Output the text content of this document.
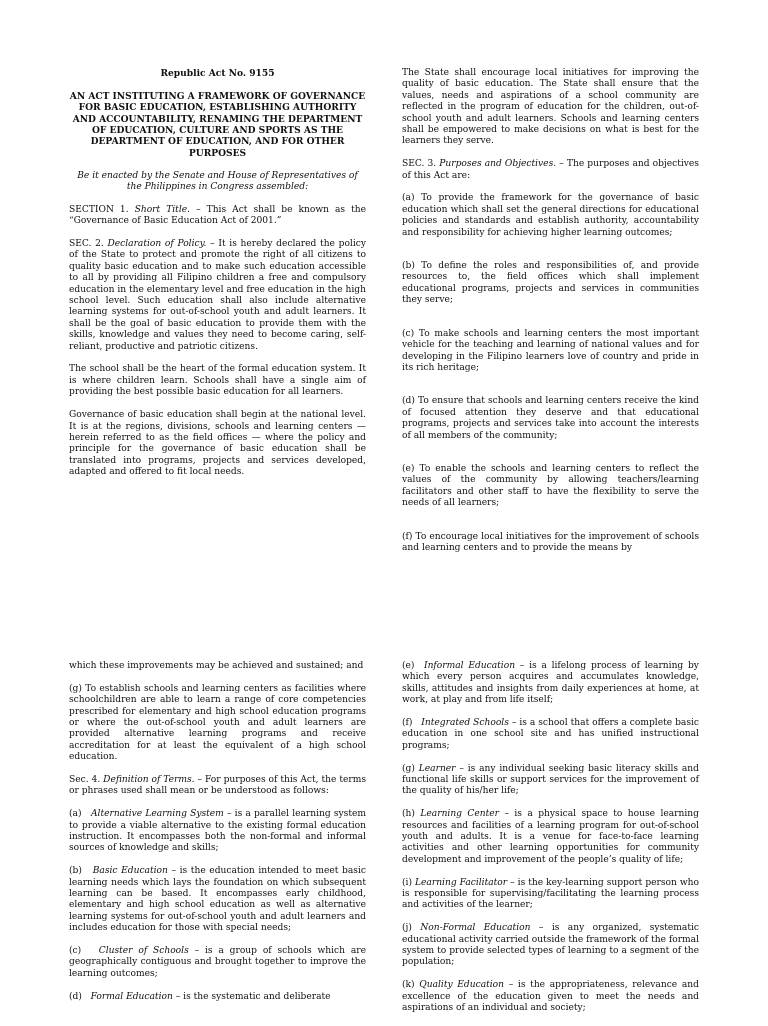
Republic Act No. 9155

AN ACT INSTITUTING A FRAMEWORK OF GOVERNANCE FOR BASIC EDUCATION, ESTABLISHING AUTHORITY AND ACCOUNTABILITY, RENAMING THE DEPARTMENT OF EDUCATION, CULTURE AND SPORTS AS THE DEPARTMENT OF EDUCATION, AND FOR OTHER PURPOSES

Be it enacted by the Senate and House of Representatives of the Philippines in Congress assembled:

SECTION 1. Short Title. – This Act shall be known as the “Governance of Basic Education Act of 2001.”

SEC. 2. Declaration of Policy. – It is hereby declared the policy of the State to protect and promote the right of all citizens to quality basic education and to make such education accessible to all by providing all Filipino children a free and compulsory education in the elementary level and free education in the high school level. Such education shall also include alternative learning systems for out-of-school youth and adult learners. It shall be the goal of basic education to provide them with the skills, knowledge and values they need to become caring, self- reliant, productive and patriotic citizens.

The school shall be the heart of the formal education system. It is where children learn. Schools shall have a single aim of providing the best possible basic education for all learners.

Governance of basic education shall begin at the national level. It is at the regions, divisions, schools and learning centers — herein referred to as the field offices — where the policy and principle for the governance of basic education shall be translated into programs, projects and services developed, adapted and offered to fit local needs.

The State shall encourage local initiatives for improving the quality of basic education. The State shall ensure that the values, needs and aspirations of a school community are reflected in the program of education for the children, out-of-school youth and adult learners. Schools and learning centers shall be empowered to make decisions on what is best for the learners they serve.

SEC. 3. Purposes and Objectives. – The purposes and objectives of this Act are:

(a) To provide the framework for the governance of basic education which shall set the general directions for educational policies and standards and establish authority, accountability and responsibility for achieving higher learning outcomes;

(b) To define the roles and responsibilities of, and provide resources to, the field offices which shall implement educational programs, projects and services in communities they serve;

(c) To make schools and learning centers the most important vehicle for the teaching and learning of national values and for developing in the Filipino learners love of country and pride in its rich heritage;

(d) To ensure that schools and learning centers receive the kind of focused attention they deserve and that educational programs, projects and services take into account the interests of all members of the community;

(e) To enable the schools and learning centers to reflect the values of the community by allowing teachers/learning facilitators and other staff to have the flexibility to serve the needs of all learners;

(f) To encourage local initiatives for the improvement of schools and learning centers and to provide the means by

which these improvements may be achieved and sustained; and

(g) To establish schools and learning centers as facilities where schoolchildren are able to learn a range of core competencies prescribed for elementary and high school education programs or where the out-of-school youth and adult learners are provided alternative learning programs and receive accreditation for at least the equivalent of a high school education.

Sec. 4. Definition of Terms. – For purposes of this Act, the terms or phrases used shall mean or be understood as follows:

(a) Alternative Learning System – is a parallel learning system to provide a viable alternative to the existing formal education instruction. It encompasses both the non-formal and informal sources of knowledge and skills;

(b) Basic Education – is the education intended to meet basic learning needs which lays the foundation on which subsequent learning can be based. It encompasses early childhood, elementary and high school education as well as alternative learning systems for out-of-school youth and adult learners and includes education for those with special needs;

(c) Cluster of Schools – is a group of schools which are geographically contiguous and brought together to improve the learning outcomes;

(d) Formal Education – is the systematic and deliberate

(e) Informal Education – is a lifelong process of learning by which every person acquires and accumulates knowledge, skills, attitudes and insights from daily experiences at home, at work, at play and from life itself;

(f) Integrated Schools – is a school that offers a complete basic education in one school site and has unified instructional programs;

(g) Learner – is any individual seeking basic literacy skills and functional life skills or support services for the improvement of the quality of his/her life;

(h) Learning Center – is a physical space to house learning resources and facilities of a learning program for out-of-school youth and adults. It is a venue for face-to-face learning activities and other learning opportunities for community development and improvement of the people’s quality of life;

(i) Learning Facilitator – is the key-learning support person who is responsible for supervising/facilitating the learning process and activities of the learner;

(j) Non-Formal Education – is any organized, systematic educational activity carried outside the framework of the formal system to provide selected types of learning to a segment of the population;

(k) Quality Education – is the appropriateness, relevance and excellence of the education given to meet the needs and aspirations of an individual and society;
